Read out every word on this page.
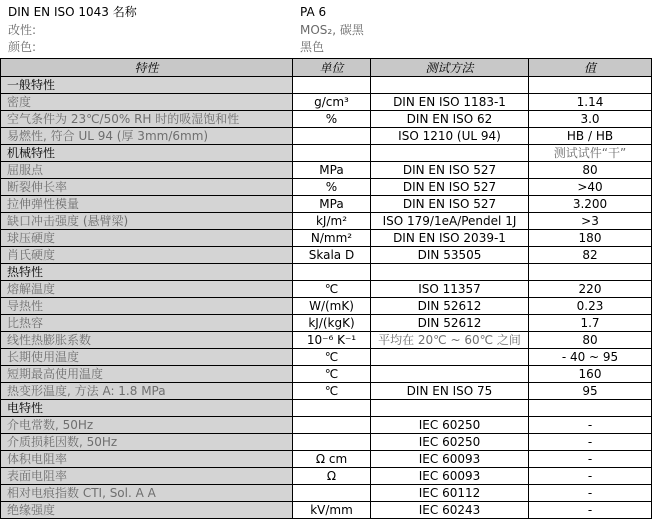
DIN EN ISO 1043 名称	PA 6
改性:	MOS₂, 碳黑
颜色:	黑色
特性	单位	测试方法	值
一般特性			
密度	g/cm³	DIN EN ISO 1183-1	1.14
空气条件为 23℃/50% RH 时的吸湿饱和性	%	DIN EN ISO 62	3.0
易燃性, 符合 UL 94 (厚 3mm/6mm)		ISO 1210 (UL 94)	HB / HB
机械特性			测试试件“干”
屈服点	MPa	DIN EN ISO 527	80
断裂伸长率	%	DIN EN ISO 527	>40
拉伸弹性模量	MPa	DIN EN ISO 527	3.200
缺口冲击强度 (悬臂梁)	kJ/m²	ISO 179/1eA/Pendel 1J	>3
球压硬度	N/mm²	DIN EN ISO 2039-1	180
肖氏硬度	Skala D	DIN 53505	82
热特性			
熔解温度	℃	ISO 11357	220
导热性	W/(mK)	DIN 52612	0.23
比热容	kJ/(kgK)	DIN 52612	1.7
线性热膨胀系数	10⁻⁶ K⁻¹	平均在 20℃ ~ 60℃ 之间	80
长期使用温度	℃		- 40 ~ 95
短期最高使用温度	℃		160
热变形温度, 方法 A: 1.8 MPa	℃	DIN EN ISO 75	95
电特性			
介电常数, 50Hz		IEC 60250	-
介质损耗因数, 50Hz		IEC 60250	-
体积电阻率	Ω cm	IEC 60093	-
表面电阻率	Ω	IEC 60093	-
相对电痕指数 CTI, Sol. A A		IEC 60112	-
绝缘强度	kV/mm	IEC 60243	-
